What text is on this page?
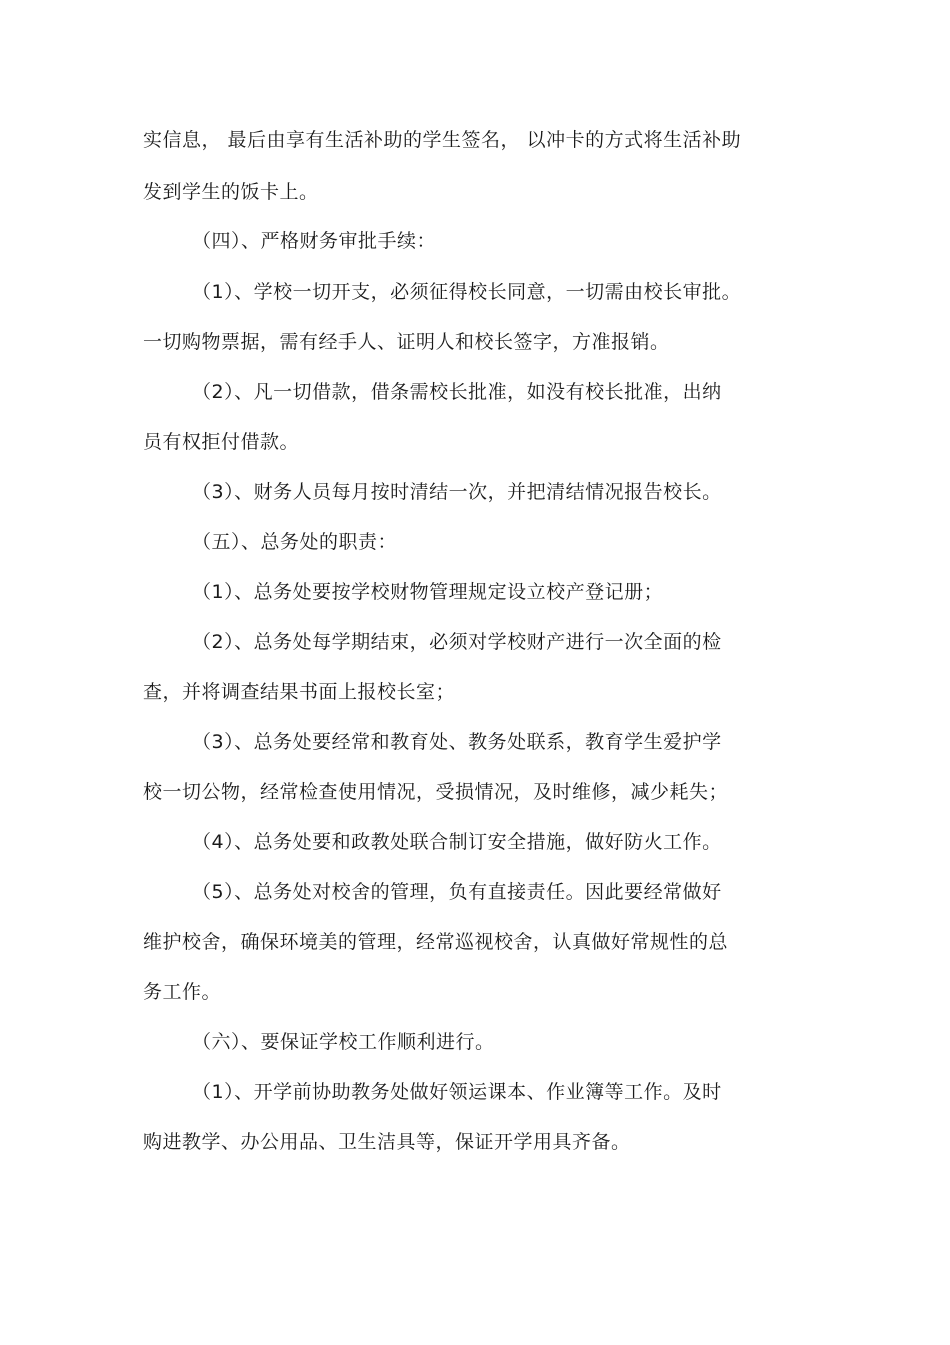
实信息， 最后由享有生活补助的学生签名， 以冲卡的方式将生活补助
发到学生的饭卡上。
（四）、严格财务审批手续：
（1）、学校一切开支，必须征得校长同意，一切需由校长审批。
一切购物票据，需有经手人、证明人和校长签字，方准报销。
（2）、凡一切借款，借条需校长批准，如没有校长批准，出纳
员有权拒付借款。
（3）、财务人员每月按时清结一次，并把清结情况报告校长。
（五）、总务处的职责：
（1）、总务处要按学校财物管理规定设立校产登记册；
（2）、总务处每学期结束，必须对学校财产进行一次全面的检
查，并将调查结果书面上报校长室；
（3）、总务处要经常和教育处、教务处联系，教育学生爱护学
校一切公物，经常检查使用情况，受损情况，及时维修，减少耗失；
（4）、总务处要和政教处联合制订安全措施，做好防火工作。
（5）、总务处对校舍的管理，负有直接责任。因此要经常做好
维护校舍，确保环境美的管理，经常巡视校舍，认真做好常规性的总
务工作。
（六）、要保证学校工作顺利进行。
（1）、开学前协助教务处做好领运课本、作业簿等工作。及时
购进教学、办公用品、卫生洁具等，保证开学用具齐备。
